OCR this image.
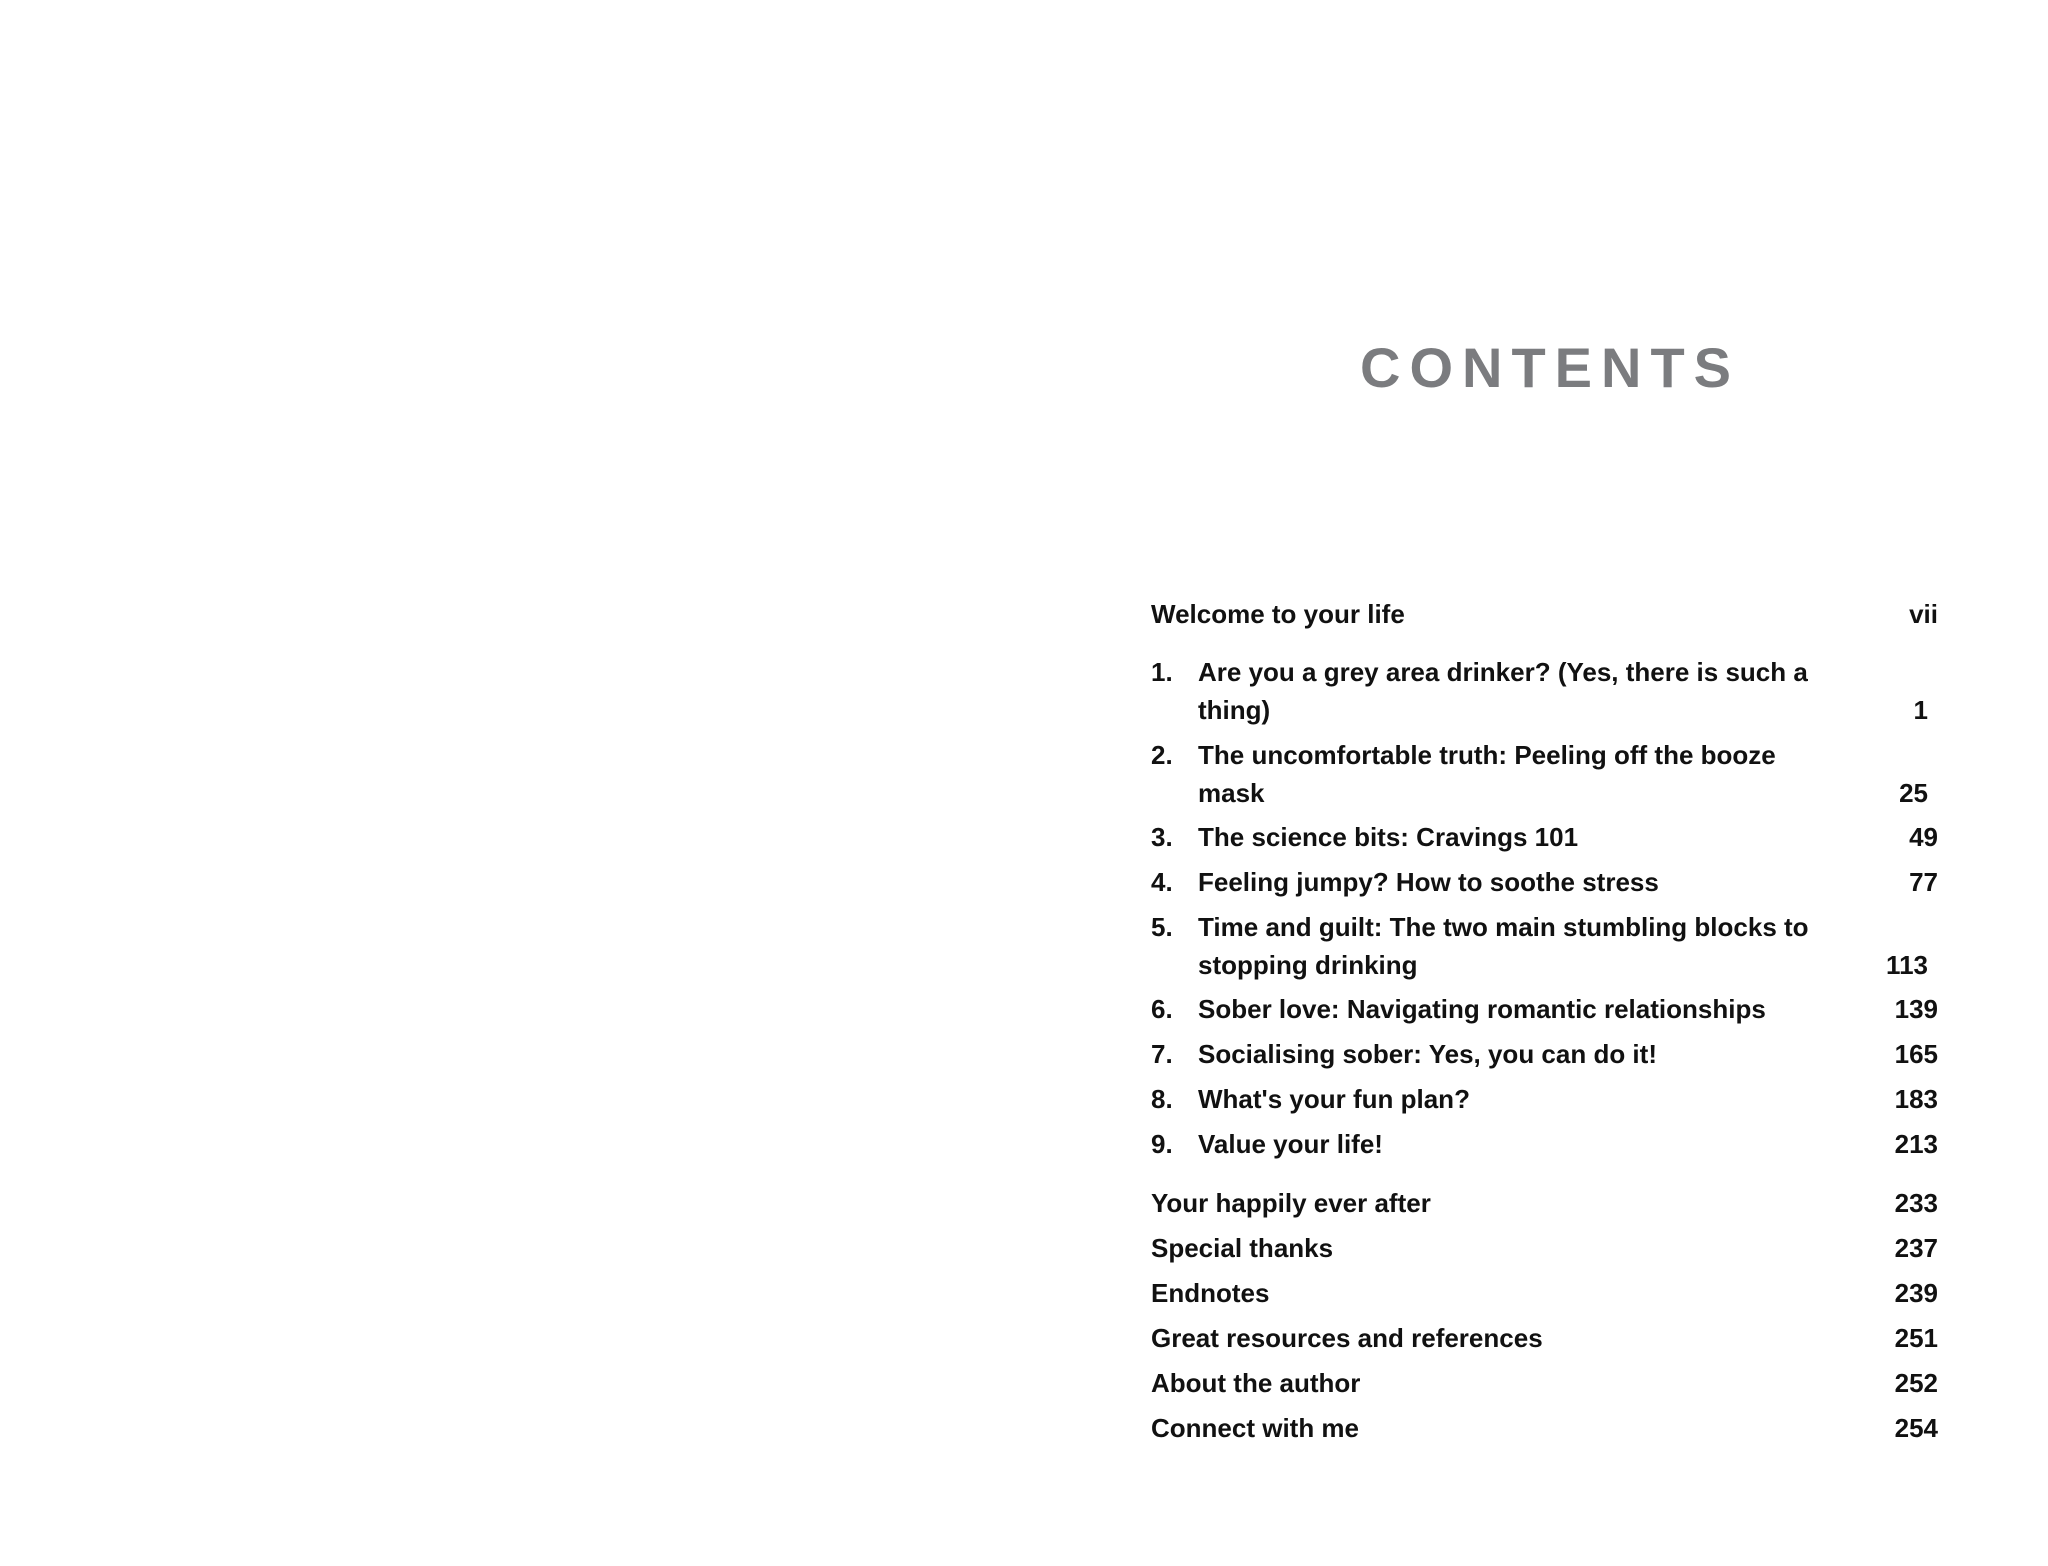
CONTENTS
Welcome to your life	vii
1. Are you a grey area drinker? (Yes, there is such a thing)	1
2. The uncomfortable truth: Peeling off the booze mask	25
3. The science bits: Cravings 101	49
4. Feeling jumpy? How to soothe stress	77
5. Time and guilt: The two main stumbling blocks to stopping drinking	113
6. Sober love: Navigating romantic relationships	139
7. Socialising sober: Yes, you can do it!	165
8. What's your fun plan?	183
9. Value your life!	213
Your happily ever after	233
Special thanks	237
Endnotes	239
Great resources and references	251
About the author	252
Connect with me	254
